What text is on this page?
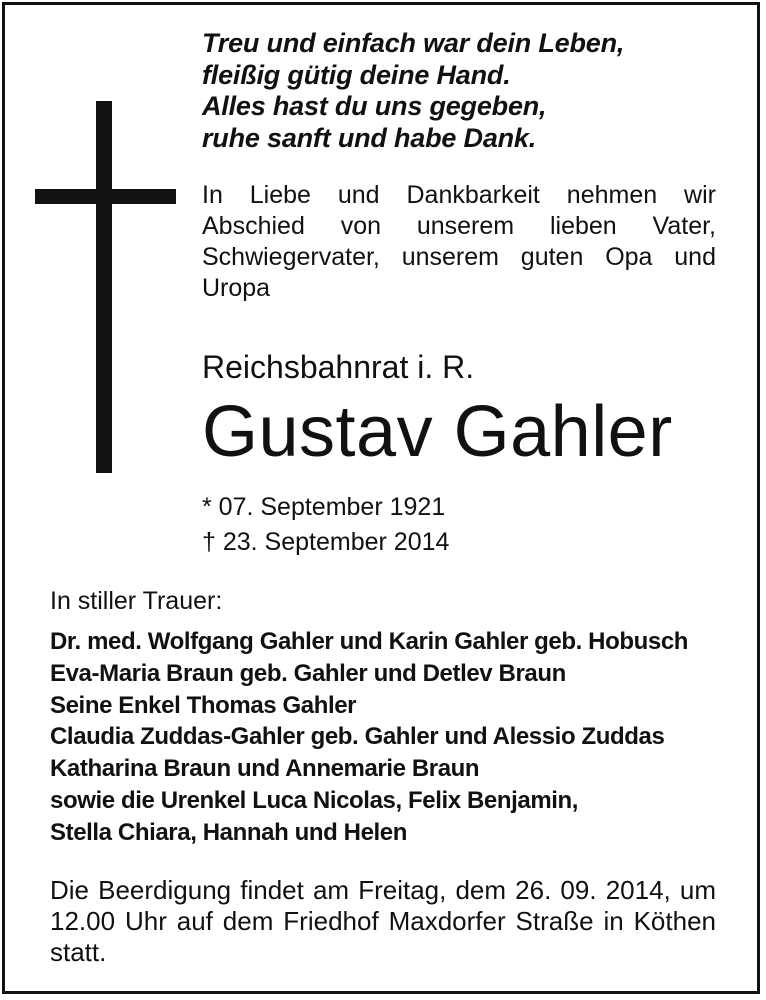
Treu und einfach war dein Leben,
fleißig gütig deine Hand.
Alles hast du uns gegeben,
ruhe sanft und habe Dank.
In Liebe und Dankbarkeit nehmen wir Abschied von unserem lieben Vater, Schwiegervater, unserem guten Opa und Uropa
Reichsbahnrat i. R.
Gustav Gahler
* 07. September 1921
† 23. September 2014
In stiller Trauer:
Dr. med. Wolfgang Gahler und Karin Gahler geb. Hobusch
Eva-Maria Braun geb. Gahler und Detlev Braun
Seine Enkel Thomas Gahler
Claudia Zuddas-Gahler geb. Gahler und Alessio Zuddas
Katharina Braun und Annemarie Braun
sowie die Urenkel Luca Nicolas, Felix Benjamin,
Stella Chiara, Hannah und Helen
Die Beerdigung findet am Freitag, dem 26. 09. 2014, um 12.00 Uhr auf dem Friedhof Maxdorfer Straße in Köthen statt.
